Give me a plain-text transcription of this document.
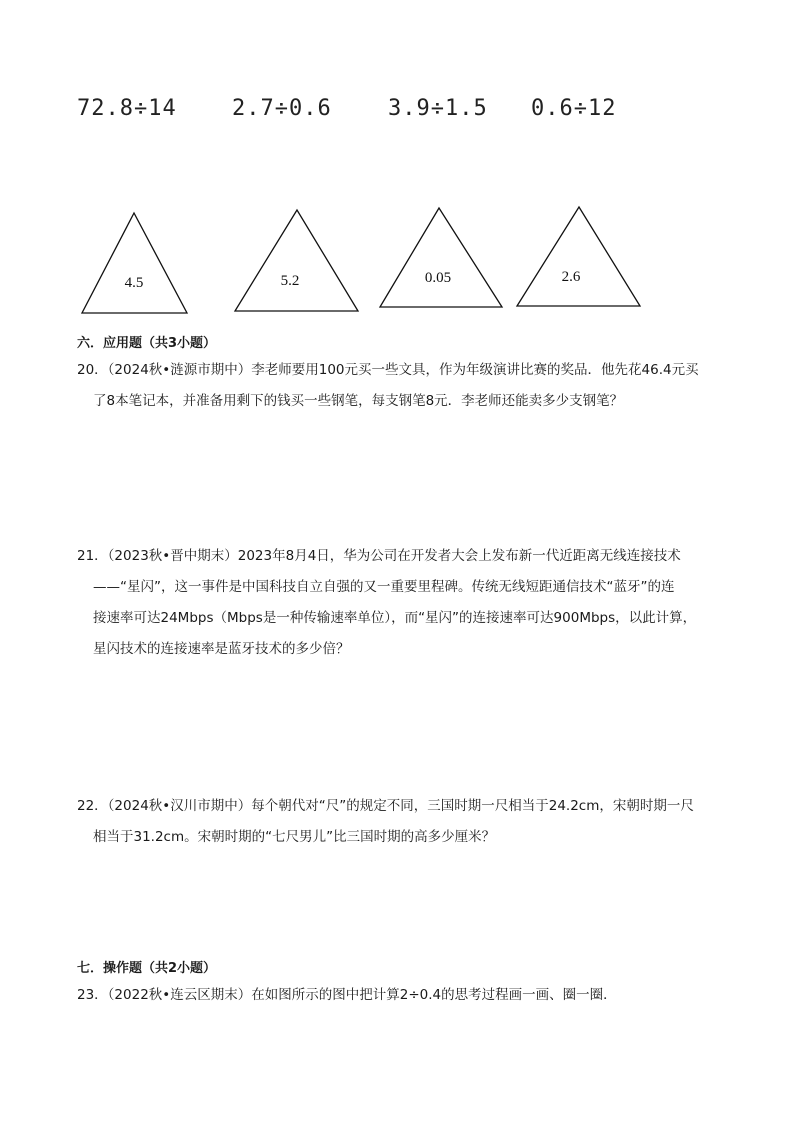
72.8÷14	2.7÷0.6	3.9÷1.5 0.6÷12
4.5	5.2	0.05	2.6
六．应用题（共3小题）
20．（2024秋•涟源市期中）李老师要用100元买一些文具，作为年级演讲比赛的奖品．他先花46.4元买
了8本笔记本，并准备用剩下的钱买一些钢笔，每支钢笔8元．李老师还能卖多少支钢笔？
21．（2023秋•晋中期末）2023年8月4日，华为公司在开发者大会上发布新一代近距离无线连接技术
——“星闪”，这一事件是中国科技自立自强的又一重要里程碑。传统无线短距通信技术“蓝牙”的连
接速率可达24Mbps（Mbps是一种传输速率单位），而“星闪”的连接速率可达900Mbps，以此计算，
星闪技术的连接速率是蓝牙技术的多少倍？
22．（2024秋•汉川市期中）每个朝代对“尺”的规定不同，三国时期一尺相当于24.2cm，宋朝时期一尺
相当于31.2cm。宋朝时期的“七尺男儿”比三国时期的高多少厘米？
七．操作题（共2小题）
23．（2022秋•连云区期末）在如图所示的图中把计算2÷0.4的思考过程画一画、圈一圈．
